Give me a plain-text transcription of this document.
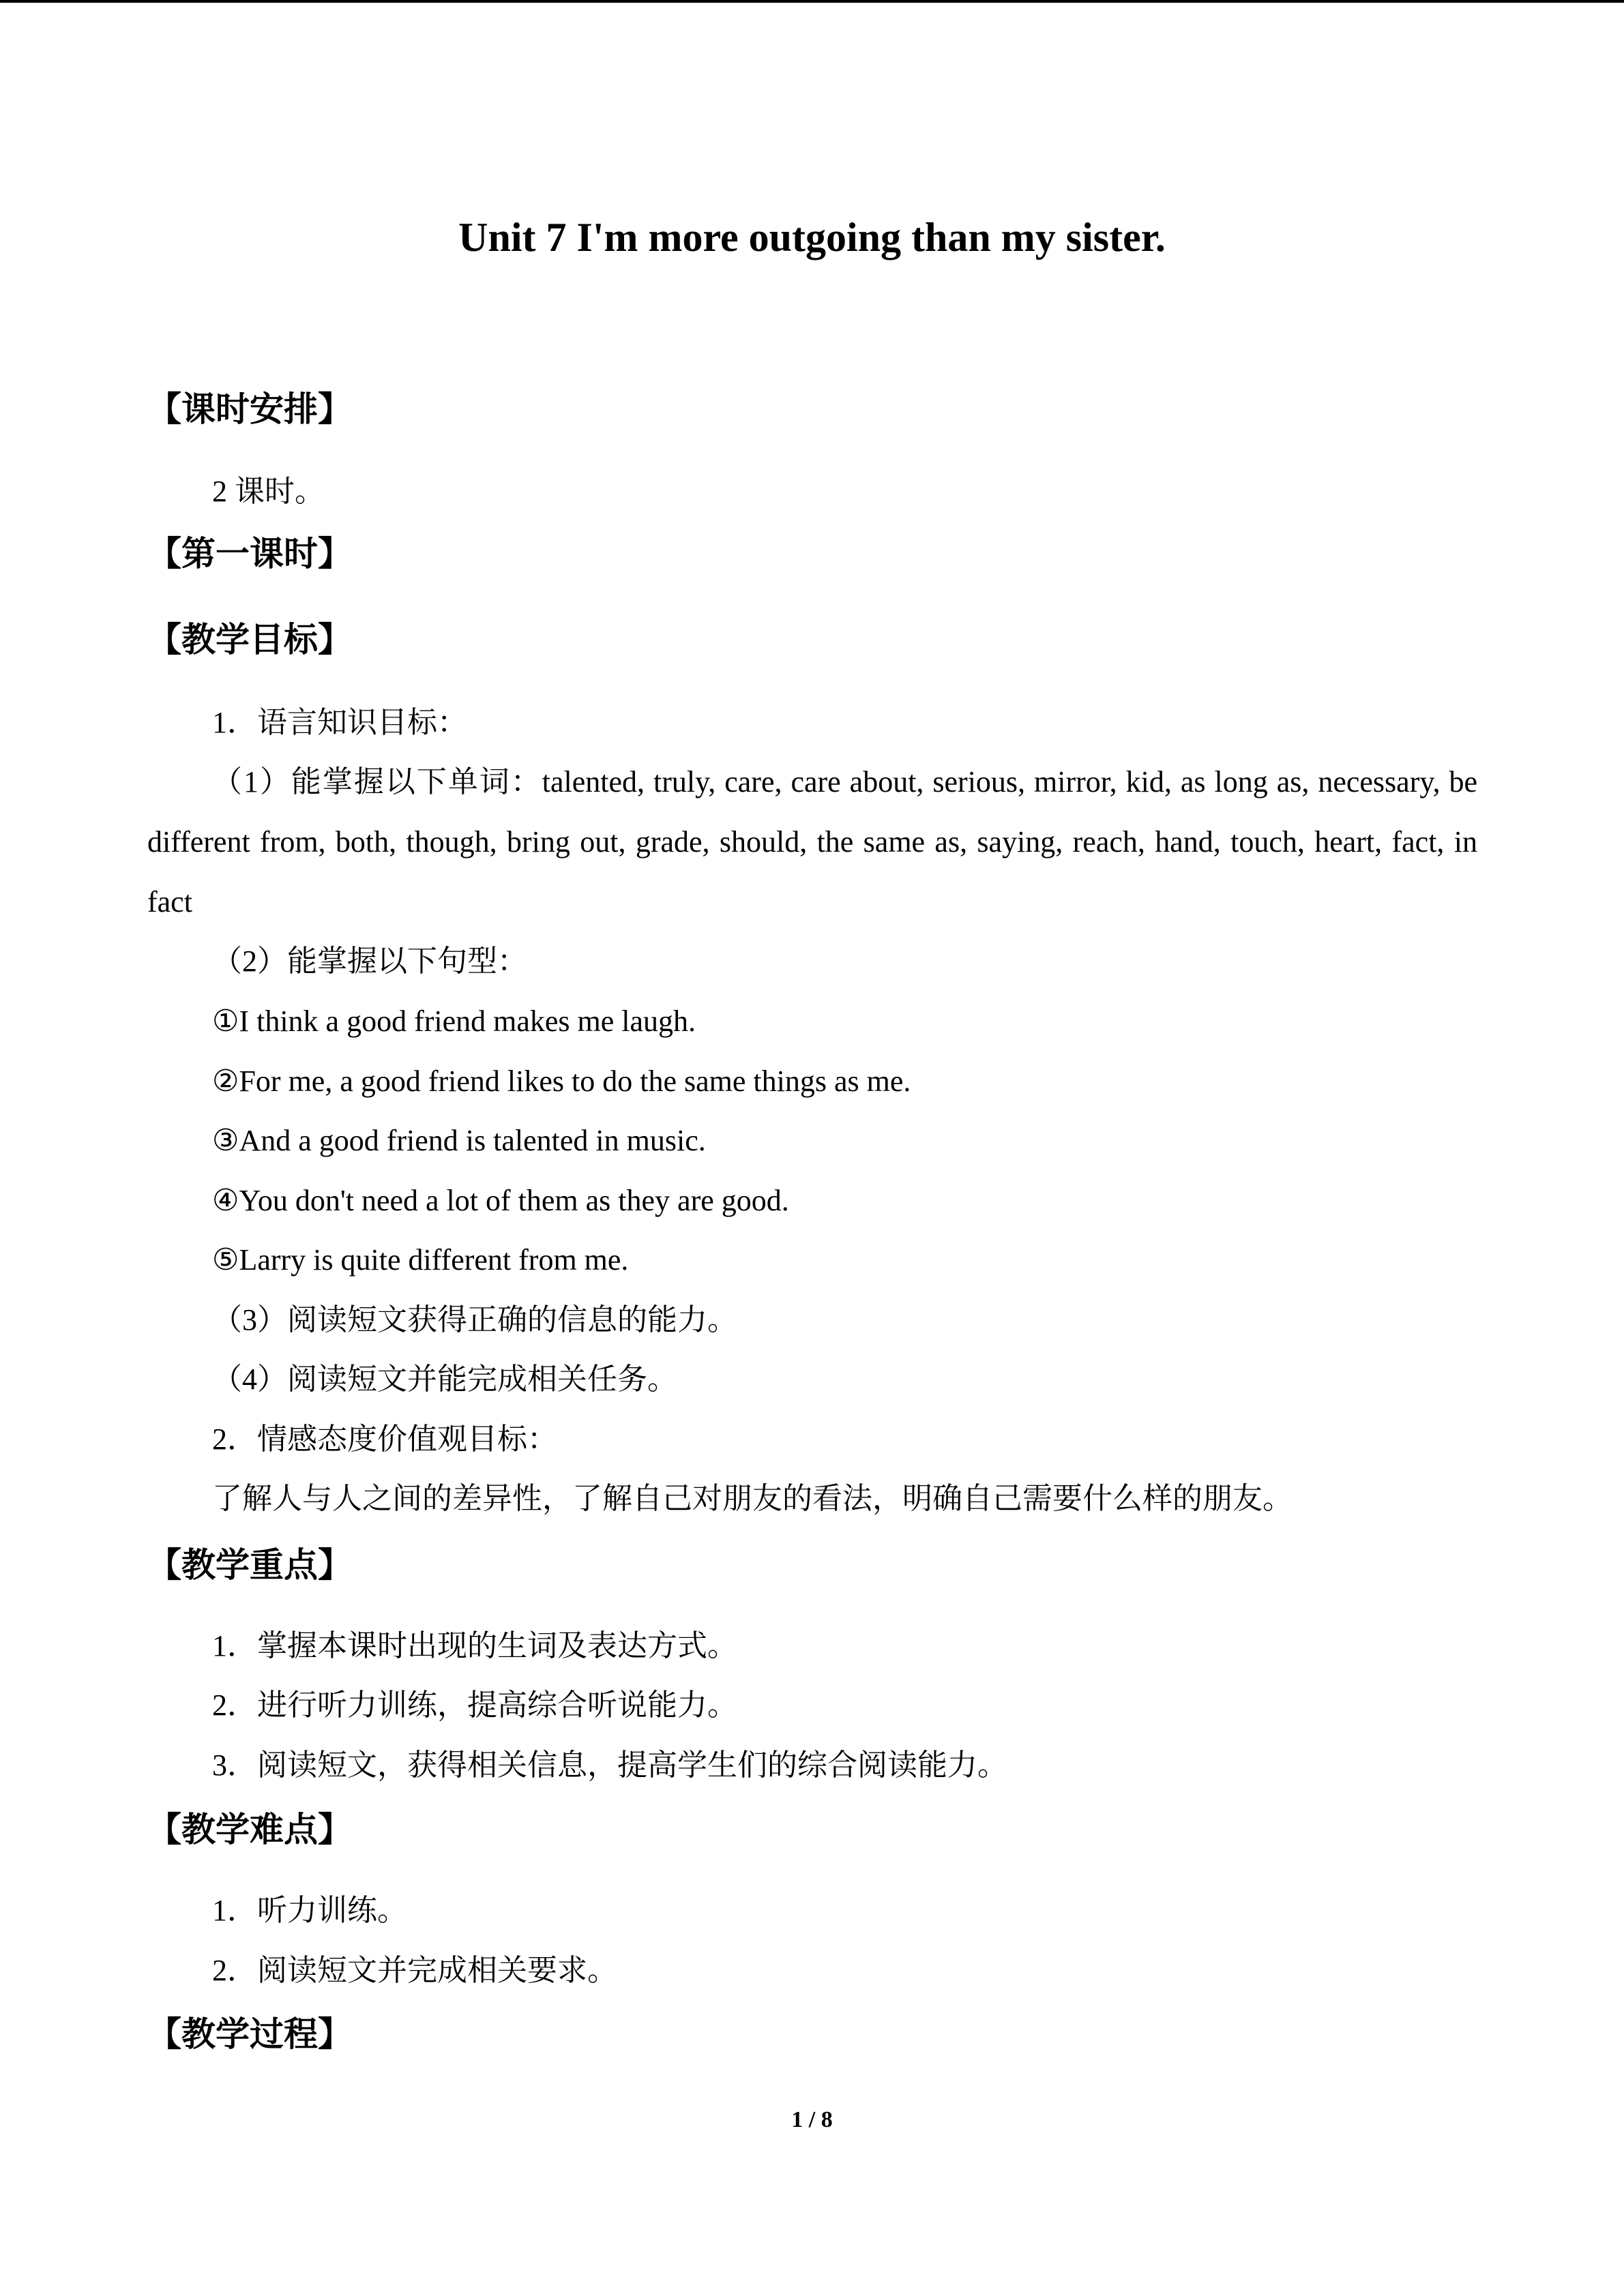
Unit 7 I'm more outgoing than my sister.
【课时安排】
2 课时。
【第一课时】
【教学目标】
1．语言知识目标：

（1）能掌握以下单词：talented, truly, care, care about, serious, mirror, kid, as long as, necessary, be different from, both, though, bring out, grade, should, the same as, saying, reach, hand, touch, heart, fact, in fact

（2）能掌握以下句型：
①I think a good friend makes me laugh.
②For me, a good friend likes to do the same things as me.
③And a good friend is talented in music.
④You don't need a lot of them as they are good.
⑤Larry is quite different from me.
（3）阅读短文获得正确的信息的能力。
（4）阅读短文并能完成相关任务。
2．情感态度价值观目标：
了解人与人之间的差异性，了解自己对朋友的看法，明确自己需要什么样的朋友。
【教学重点】
1．掌握本课时出现的生词及表达方式。
2．进行听力训练，提高综合听说能力。
3．阅读短文，获得相关信息，提高学生们的综合阅读能力。
【教学难点】
1．听力训练。
2．阅读短文并完成相关要求。
【教学过程】
1 / 8
